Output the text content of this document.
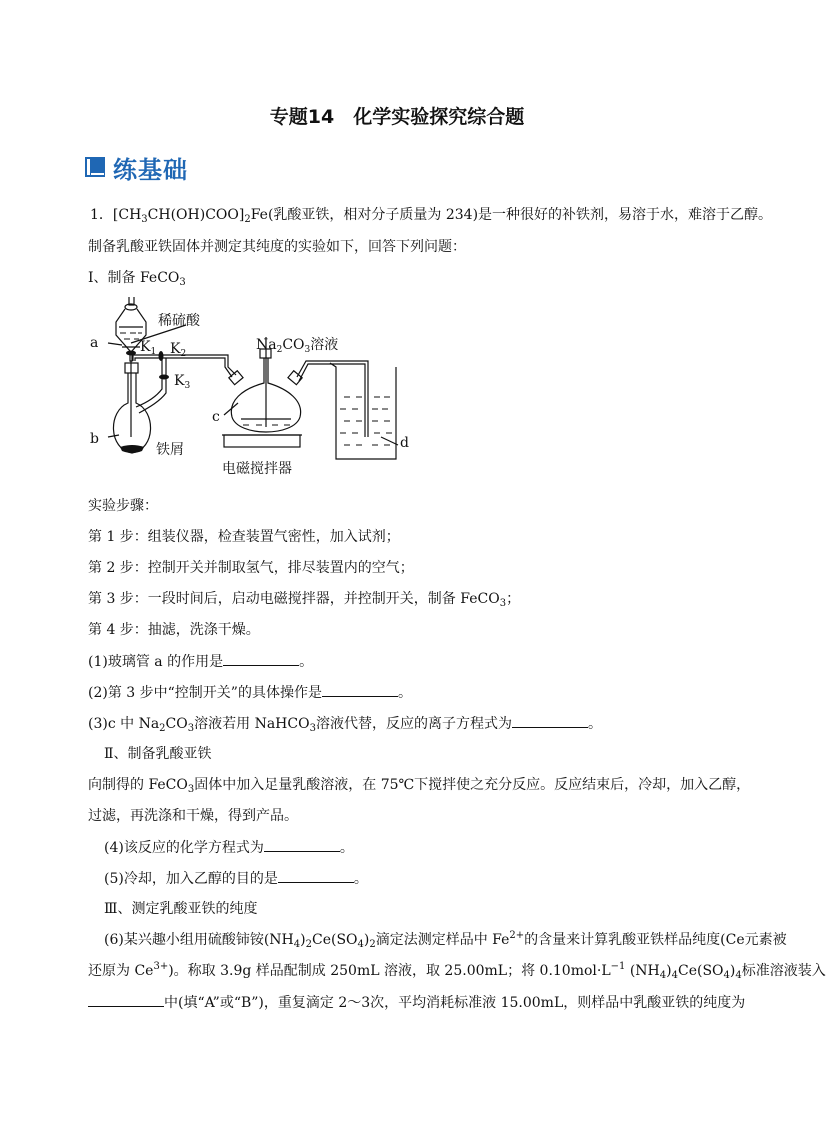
专题14　化学实验探究综合题
练基础
1．$[CH_3CH(OH)COO]_2Fe$(乳酸亚铁，相对分子质量为 234)是一种很好的补铁剂，易溶于水，难溶于乙醇。
制备乳酸亚铁固体并测定其纯度的实验如下，回答下列问题：
Ⅰ、制备 FeCO$_3$
稀硫酸
a	$K_1$ $K_2$
$K_3$
$Na_2CO_3$溶液
c
b
铁屑
电磁搅拌器
d
实验步骤：
第 1 步：组装仪器，检查装置气密性，加入试剂；
第 2 步：控制开关并制取氢气，排尽装置内的空气；
第 3 步：一段时间后，启动电磁搅拌器，并控制开关，制备 FeCO$_3$；
第 4 步：抽滤，洗涤干燥。
(1)玻璃管 a 的作用是	。
(2)第 3 步中“控制开关”的具体操作是	。
(3)c 中 $Na_2CO_3$溶液若用 NaHCO$_3$溶液代替，反应的离子方程式为	。
Ⅱ、制备乳酸亚铁
向制得的 FeCO$_3$固体中加入足量乳酸溶液，在 75℃下搅拌使之充分反应。反应结束后，冷却，加入乙醇，
过滤，再洗涤和干燥，得到产品。
(4)该反应的化学方程式为	。
(5)冷却，加入乙醇的目的是	。
Ⅲ、测定乳酸亚铁的纯度
(6)某兴趣小组用硫酸铈铵$(NH_4)_2Ce(SO_4)_2$滴定法测定样品中 $Fe^{2+}$的含量来计算乳酸亚铁样品纯度(Ce元素被
还原为 $Ce^{3+}$)。称取 3.9g 样品配制成 250mL 溶液，取 25.00mL；将 $0.10mol\cdot L^{-1}$ $(NH_4)_4Ce(SO_4)_4$标准溶液装入
中(填“A”或“B”)，重复滴定 2～3次，平均消耗标准液 15.00mL，则样品中乳酸亚铁的纯度为
